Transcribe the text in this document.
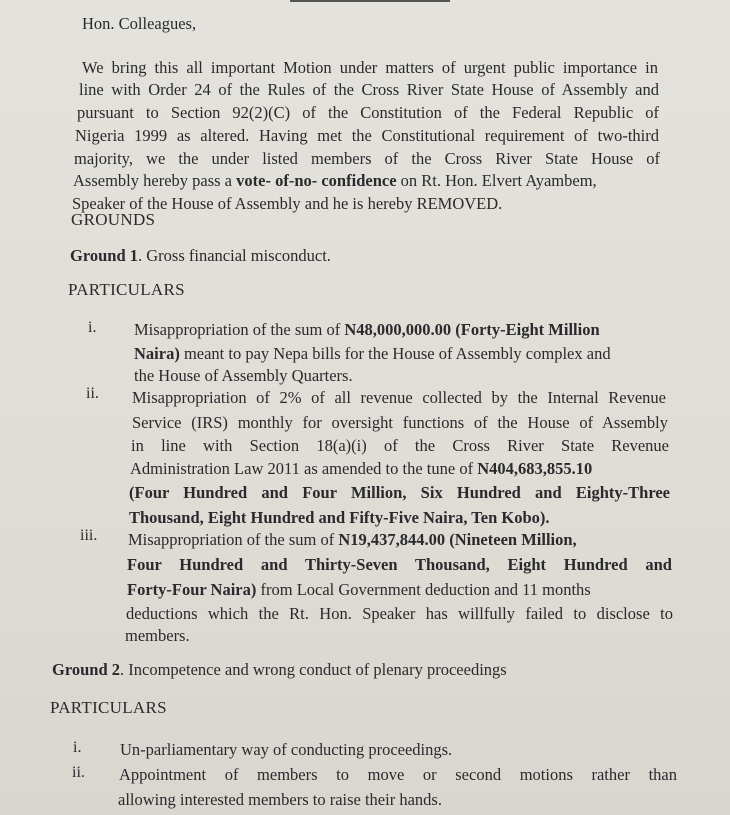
Hon. Colleagues,
We bring this all important Motion under matters of urgent public importance in
line with Order 24 of the Rules of the Cross River State House of Assembly and
pursuant to Section 92(2)(C) of the Constitution of the Federal Republic of
Nigeria 1999 as altered. Having met the Constitutional requirement of two-third
majority, we the under listed members of the Cross River State House of
Assembly hereby pass a vote- of-no- confidence on Rt. Hon. Elvert Ayambem,
Speaker of the House of Assembly and he is hereby REMOVED.
GROUNDS
Ground 1. Gross financial misconduct.
PARTICULARS
i. Misappropriation of the sum of N48,000,000.00 (Forty-Eight Million
Naira) meant to pay Nepa bills for the House of Assembly complex and
the House of Assembly Quarters.
ii. Misappropriation of 2% of all revenue collected by the Internal Revenue
Service (IRS) monthly for oversight functions of the House of Assembly
in line with Section 18(a)(i) of the Cross River State Revenue
Administration Law 2011 as amended to the tune of N404,683,855.10
(Four Hundred and Four Million, Six Hundred and Eighty-Three
Thousand, Eight Hundred and Fifty-Five Naira, Ten Kobo).
iii. Misappropriation of the sum of N19,437,844.00 (Nineteen Million,
Four Hundred and Thirty-Seven Thousand, Eight Hundred and
Forty-Four Naira) from Local Government deduction and 11 months
deductions which the Rt. Hon. Speaker has willfully failed to disclose to
members.
Ground 2. Incompetence and wrong conduct of plenary proceedings
PARTICULARS
i. Un-parliamentary way of conducting proceedings.
ii. Appointment of members to move or second motions rather than
allowing interested members to raise their hands.
